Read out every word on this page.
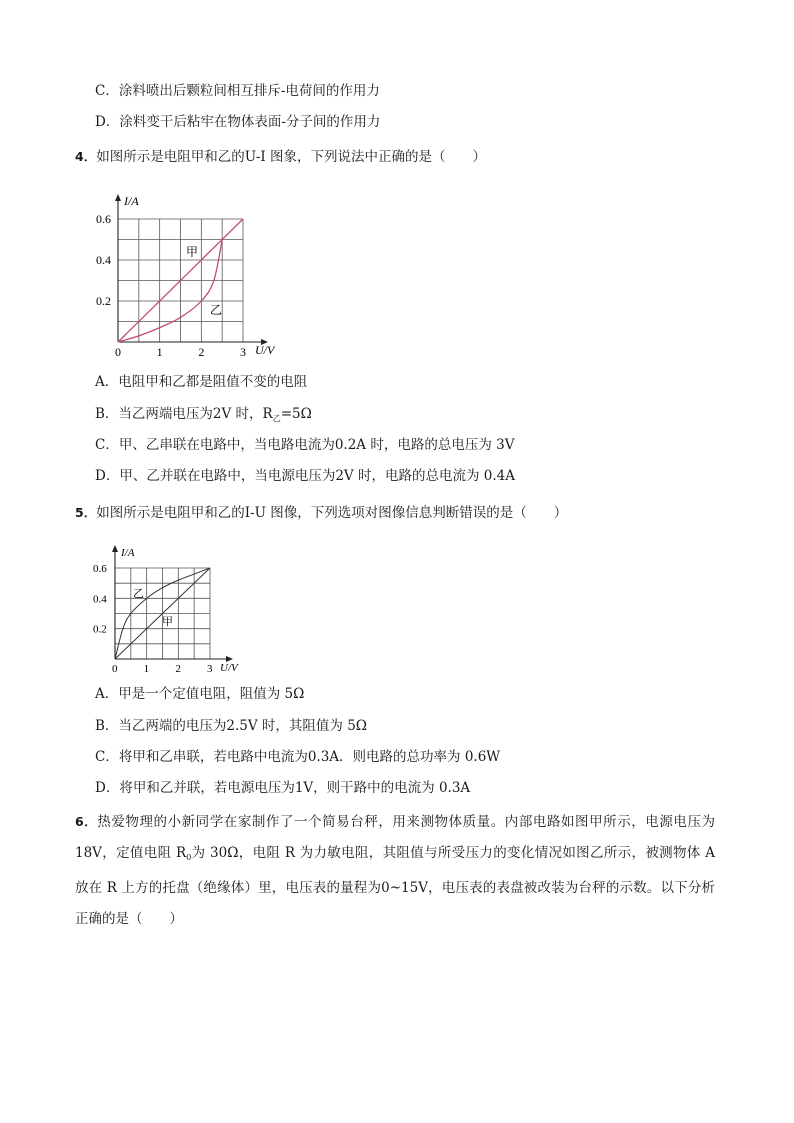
C．涂料喷出后颗粒间相互排斥-电荷间的作用力
D．涂料变干后粘牢在物体表面-分子间的作用力
4．如图所示是电阻甲和乙的U-I 图象，下列说法中正确的是（　　）
I/A
U/V
0	1	2	3
0.2
0.4
0.6
甲
乙
A．电阻甲和乙都是阻值不变的电阻
B．当乙两端电压为2V 时，$R_乙=5\Omega$
C．甲、乙串联在电路中，当电路电流为0.2A 时，电路的总电压为 3V
D．甲、乙并联在电路中，当电源电压为2V 时，电路的总电流为 0.4A
5．如图所示是电阻甲和乙的I-U 图像，下列选项对图像信息判断错误的是（　　）
I/A
U/V
0 1 2 3
0.2
0.4
0.6
甲
乙
A．甲是一个定值电阻，阻值为 5Ω
B．当乙两端的电压为2.5V 时，其阻值为 5Ω
C．将甲和乙串联，若电路中电流为0.3A．则电路的总功率为 0.6W
D．将甲和乙并联，若电源电压为1V，则干路中的电流为 0.3A
6．热爱物理的小新同学在家制作了一个简易台秤，用来测物体质量。内部电路如图甲所示，电源电压为 18V，定值电阻 $R_0$为 30Ω，电阻 R 为力敏电阻，其阻值与所受压力的变化情况如图乙所示，被测物体 A 放在 R 上方的托盘（绝缘体）里，电压表的量程为0~15V，电压表的表盘被改装为台秤的示数。以下分析正确的是（　　）
